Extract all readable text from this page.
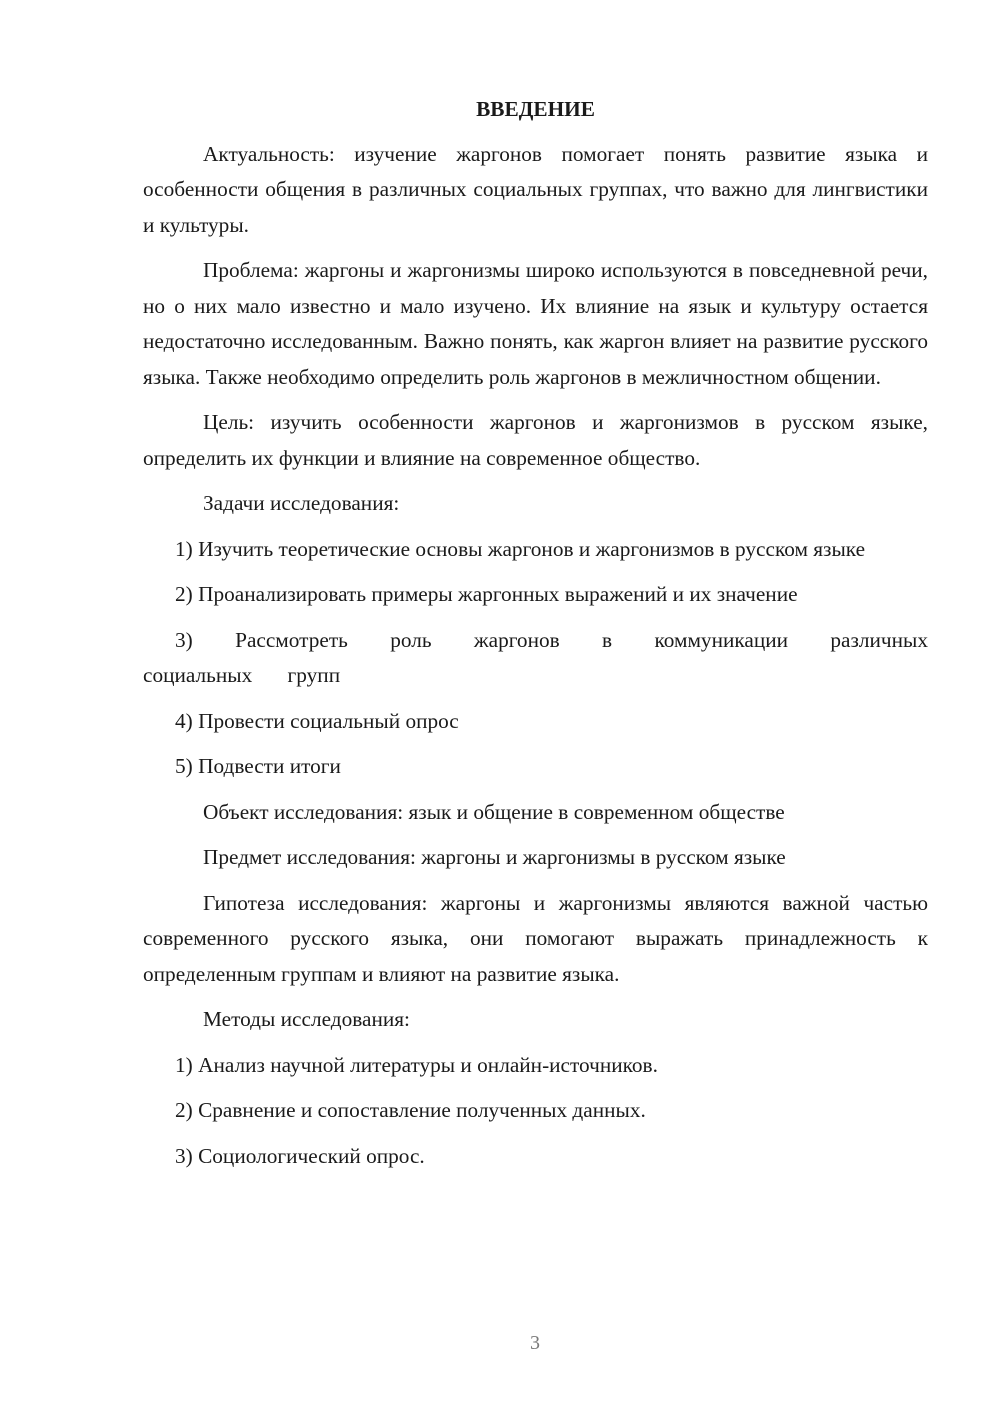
ВВЕДЕНИЕ

Актуальность: изучение жаргонов помогает понять развитие языка и особенности общения в различных социальных группах, что важно для лингвистики и культуры.

Проблема: жаргоны и жаргонизмы широко используются в повседневной речи, но о них мало известно и мало изучено. Их влияние на язык и культуру остается недостаточно исследованным. Важно понять, как жаргон влияет на развитие русского языка. Также необходимо определить роль жаргонов в межличностном общении.

Цель: изучить особенности жаргонов и жаргонизмов в русском языке, определить их функции и влияние на современное общество.

Задачи исследования:

1) Изучить теоретические основы жаргонов и жаргонизмов в русском языке

2) Проанализировать примеры жаргонных выражений и их значение

3) Рассмотреть роль жаргонов в коммуникации различных социальных групп

4) Провести социальный опрос

5) Подвести итоги

Объект исследования: язык и общение в современном обществе

Предмет исследования: жаргоны и жаргонизмы в русском языке

Гипотеза исследования: жаргоны и жаргонизмы являются важной частью современного русского языка, они помогают выражать принадлежность к определенным группам и влияют на развитие языка.

Методы исследования:

1) Анализ научной литературы и онлайн-источников.

2) Сравнение и сопоставление полученных данных.

3) Социологический опрос.

3
